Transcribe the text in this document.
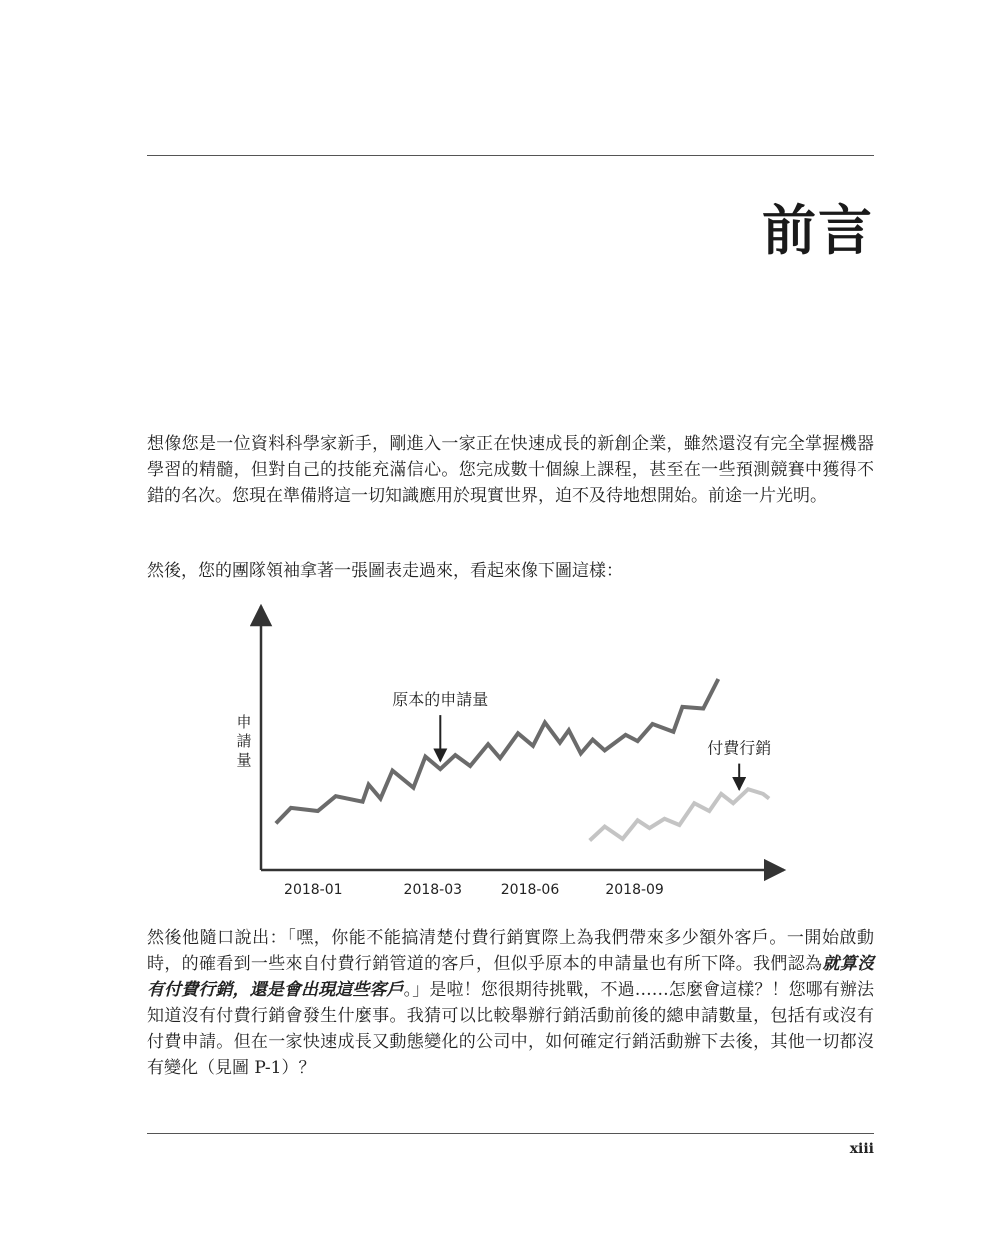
前言

想像您是一位資料科學家新手，剛進入一家正在快速成長的新創企業，雖然還沒有完全掌握機器學習的精髓，但對自己的技能充滿信心。您完成數十個線上課程，甚至在一些預測競賽中獲得不錯的名次。您現在準備將這一切知識應用於現實世界，迫不及待地想開始。前途一片光明。

然後，您的團隊領袖拿著一張圖表走過來，看起來像下圖這樣：

申請量
原本的申請量
付費行銷
2018-01	2018-03	2018-06	2018-09

然後他隨口說出：「嘿，你能不能搞清楚付費行銷實際上為我們帶來多少額外客戶。一開始啟動時，的確看到一些來自付費行銷管道的客戶，但似乎原本的申請量也有所下降。我們認為就算沒有付費行銷，還是會出現這些客戶。」是啦！您很期待挑戰，不過……怎麼會這樣？！您哪有辦法知道沒有付費行銷會發生什麼事。我猜可以比較舉辦行銷活動前後的總申請數量，包括有或沒有付費申請。但在一家快速成長又動態變化的公司中，如何確定行銷活動辦下去後，其他一切都沒有變化（見圖 P-1）？

xiii
